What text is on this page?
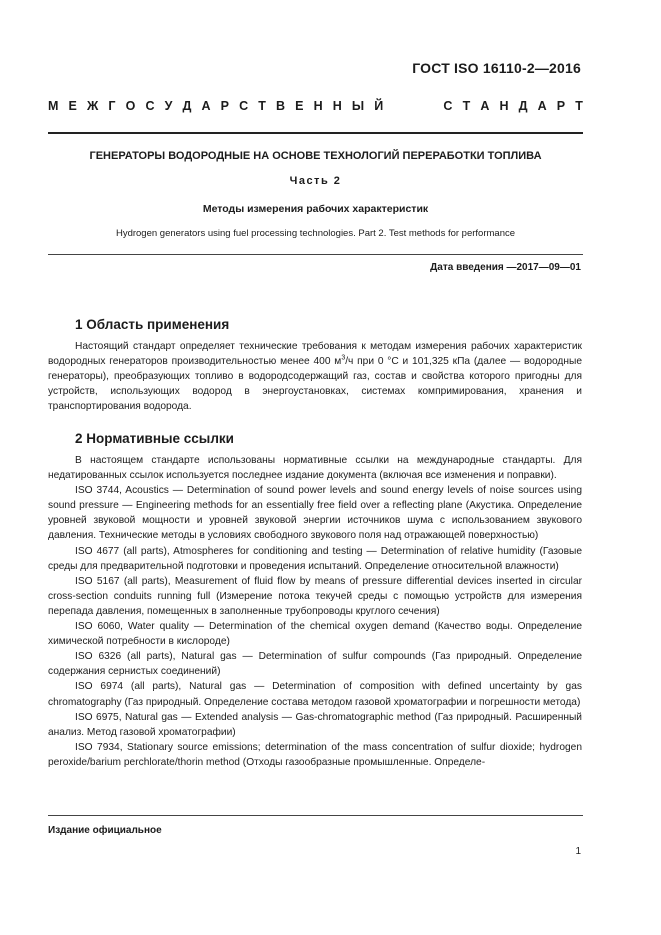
ГОСТ ISO 16110-2—2016
М Е Ж Г О С У Д А Р С Т В Е Н Н Ы Й	С Т А Н Д А Р Т
ГЕНЕРАТОРЫ ВОДОРОДНЫЕ НА ОСНОВЕ ТЕХНОЛОГИЙ ПЕРЕРАБОТКИ ТОПЛИВА
Часть 2
Методы измерения рабочих характеристик
Hydrogen generators using fuel processing technologies. Part 2. Test methods for performance
Дата введения —2017—09—01
1 Область применения

Настоящий стандарт определяет технические требования к методам измерения рабочих характеристик водородных генераторов производительностью менее 400 $м^3/ч$ при 0 °С и 101,325 кПа (далее — водородные генераторы), преобразующих топливо в водородсодержащий газ, состав и свойства которого пригодны для устройств, использующих водород в энергоустановках, системах компримирования, хранения и транспортирования водорода.

2 Нормативные ссылки

В настоящем стандарте использованы нормативные ссылки на международные стандарты. Для недатированных ссылок используется последнее издание документа (включая все изменения и поправки).

ISO 3744, Acoustics — Determination of sound power levels and sound energy levels of noise sources using sound pressure — Engineering methods for an essentially free field over a reflecting plane (Акустика. Определение уровней звуковой мощности и уровней звуковой энергии источников шума с использованием звукового давления. Технические методы в условиях свободного звукового поля над отражающей поверхностью)

ISO 4677 (all parts), Atmospheres for conditioning and testing — Determination of relative humidity (Газовые среды для предварительной подготовки и проведения испытаний. Определение относительной влажности)

ISO 5167 (all parts), Measurement of fluid flow by means of pressure differential devices inserted in circular cross-section conduits running full (Измерение потока текучей среды с помощью устройств для измерения перепада давления, помещенных в заполненные трубопроводы круглого сечения)

ISO 6060, Water quality — Determination of the chemical oxygen demand (Качество воды. Определение химической потребности в кислороде)

ISO 6326 (all parts), Natural gas — Determination of sulfur compounds (Газ природный. Определение содержания сернистых соединений)

ISO 6974 (all parts), Natural gas — Determination of composition with defined uncertainty by gas chromatography (Газ природный. Определение состава методом газовой хроматографии и погрешности метода)

ISO 6975, Natural gas — Extended analysis — Gas-chromatographic method (Газ природный. Расширенный анализ. Метод газовой хроматографии)

ISO 7934, Stationary source emissions; determination of the mass concentration of sulfur dioxide; hydrogen peroxide/barium perchlorate/thorin method (Отходы газообразные промышленные. Определе-

Издание официальное
1
